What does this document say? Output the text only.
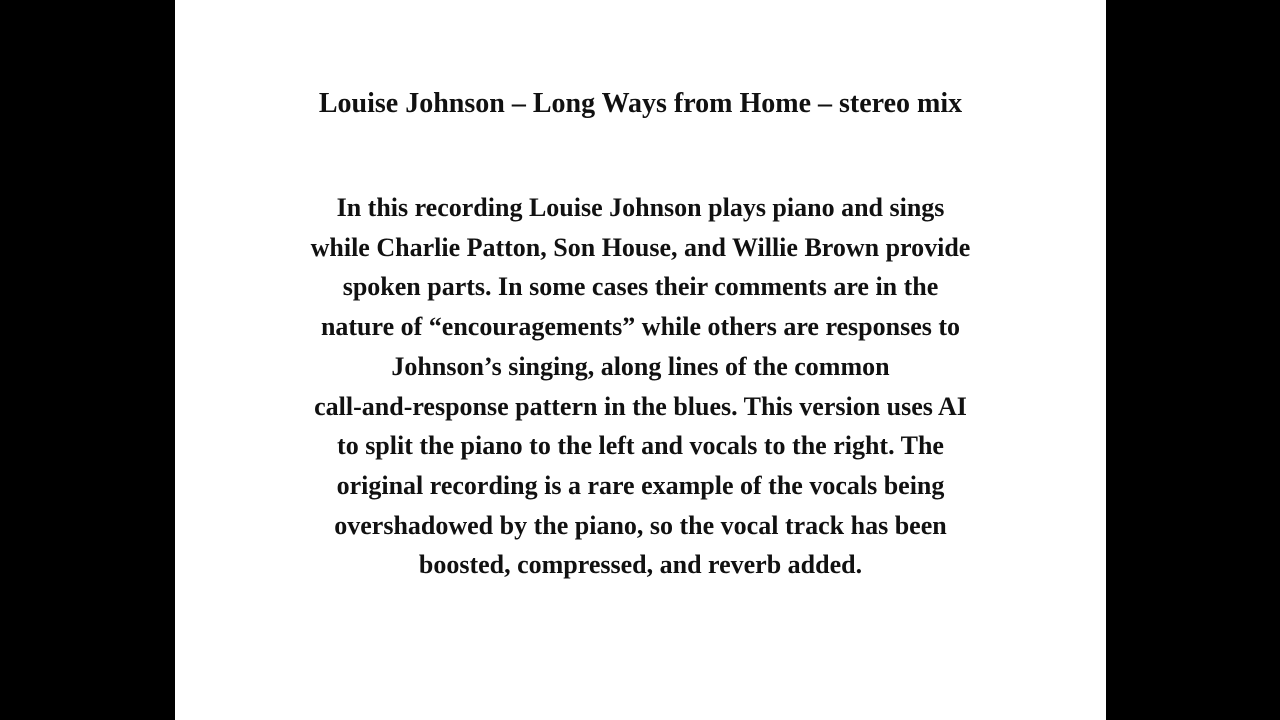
Louise Johnson – Long Ways from Home – stereo mix

In this recording Louise Johnson plays piano and sings
while Charlie Patton, Son House, and Willie Brown provide
spoken parts. In some cases their comments are in the
nature of “encouragements” while others are responses to
Johnson’s singing, along lines of the common
call-and-response pattern in the blues. This version uses AI
to split the piano to the left and vocals to the right. The
original recording is a rare example of the vocals being
overshadowed by the piano, so the vocal track has been
boosted, compressed, and reverb added.
